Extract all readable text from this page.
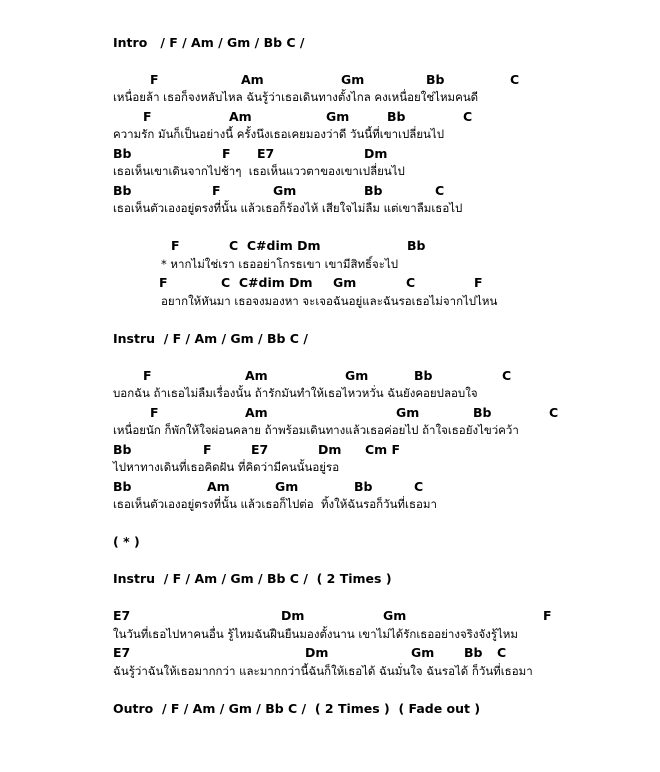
Intro   / F / Am / Gm / Bb C /
F	Am	Gm	Bb	C
เหนื่อยล้า เธอก็จงหลับไหล ฉันรู้ว่าเธอเดินทางตั้งไกล คงเหนื่อยใช่ไหมคนดี
F	Am	Gm	Bb	C
ความรัก มันก็เป็นอย่างนี้ ครั้งนึงเธอเคยมองว่าดี วันนี้ที่เขาเปลี่ยนไป
Bb	F E7	Dm
เธอเห็นเขาเดินจากไปช้าๆ  เธอเห็นแววตาของเขาเปลี่ยนไป
Bb	F	Gm	Bb	C
เธอเห็นตัวเองอยู่ตรงที่นั้น แล้วเธอก็ร้องไห้ เสียใจไม่ลืม แต่เขาลืมเธอไป
F	C  C#dim Dm	Bb
* หากไม่ใช่เรา เธออย่าโกรธเขา เขามีสิทธิ์จะไป
F	C  C#dim Dm Gm	C	F
อยากให้หันมา เธอจงมองหา จะเจอฉันอยู่และฉันรอเธอไม่จากไปไหน
Instru  / F / Am / Gm / Bb C /
F	Am	Gm	Bb	C
บอกฉัน ถ้าเธอไม่ลืมเรื่องนั้น ถ้ารักมันทำให้เธอไหวหวั่น ฉันยังคอยปลอบใจ
F	Am	Gm	Bb	C
เหนื่อยนัก ก็พักให้ใจผ่อนคลาย ถ้าพร้อมเดินทางแล้วเธอค่อยไป ถ้าใจเธอยังไขว่คว้า
Bb	F	E7	Dm Cm F
ไปหาทางเดินที่เธอคิดฝัน ที่คิดว่ามีคนนั้นอยู่รอ
Bb	Am	Gm	Bb	C
เธอเห็นตัวเองอยู่ตรงที่นั้น แล้วเธอก็ไปต่อ  ทิ้งให้ฉันรอก็วันที่เธอมา
( * )
Instru  / F / Am / Gm / Bb C /  ( 2 Times )
E7	Dm	Gm	F
ในวันที่เธอไปหาคนอื่น รู้ไหมฉันฝืนยืนมองตั้งนาน เขาไม่ได้รักเธออย่างจริงจังรู้ไหม
E7	Dm	Gm Bb C
ฉันรู้ว่าฉันให้เธอมากกว่า และมากกว่านี้ฉันก็ให้เธอได้ ฉันมั่นใจ ฉันรอได้ ก็วันที่เธอมา
Outro  / F / Am / Gm / Bb C /  ( 2 Times )  ( Fade out )
